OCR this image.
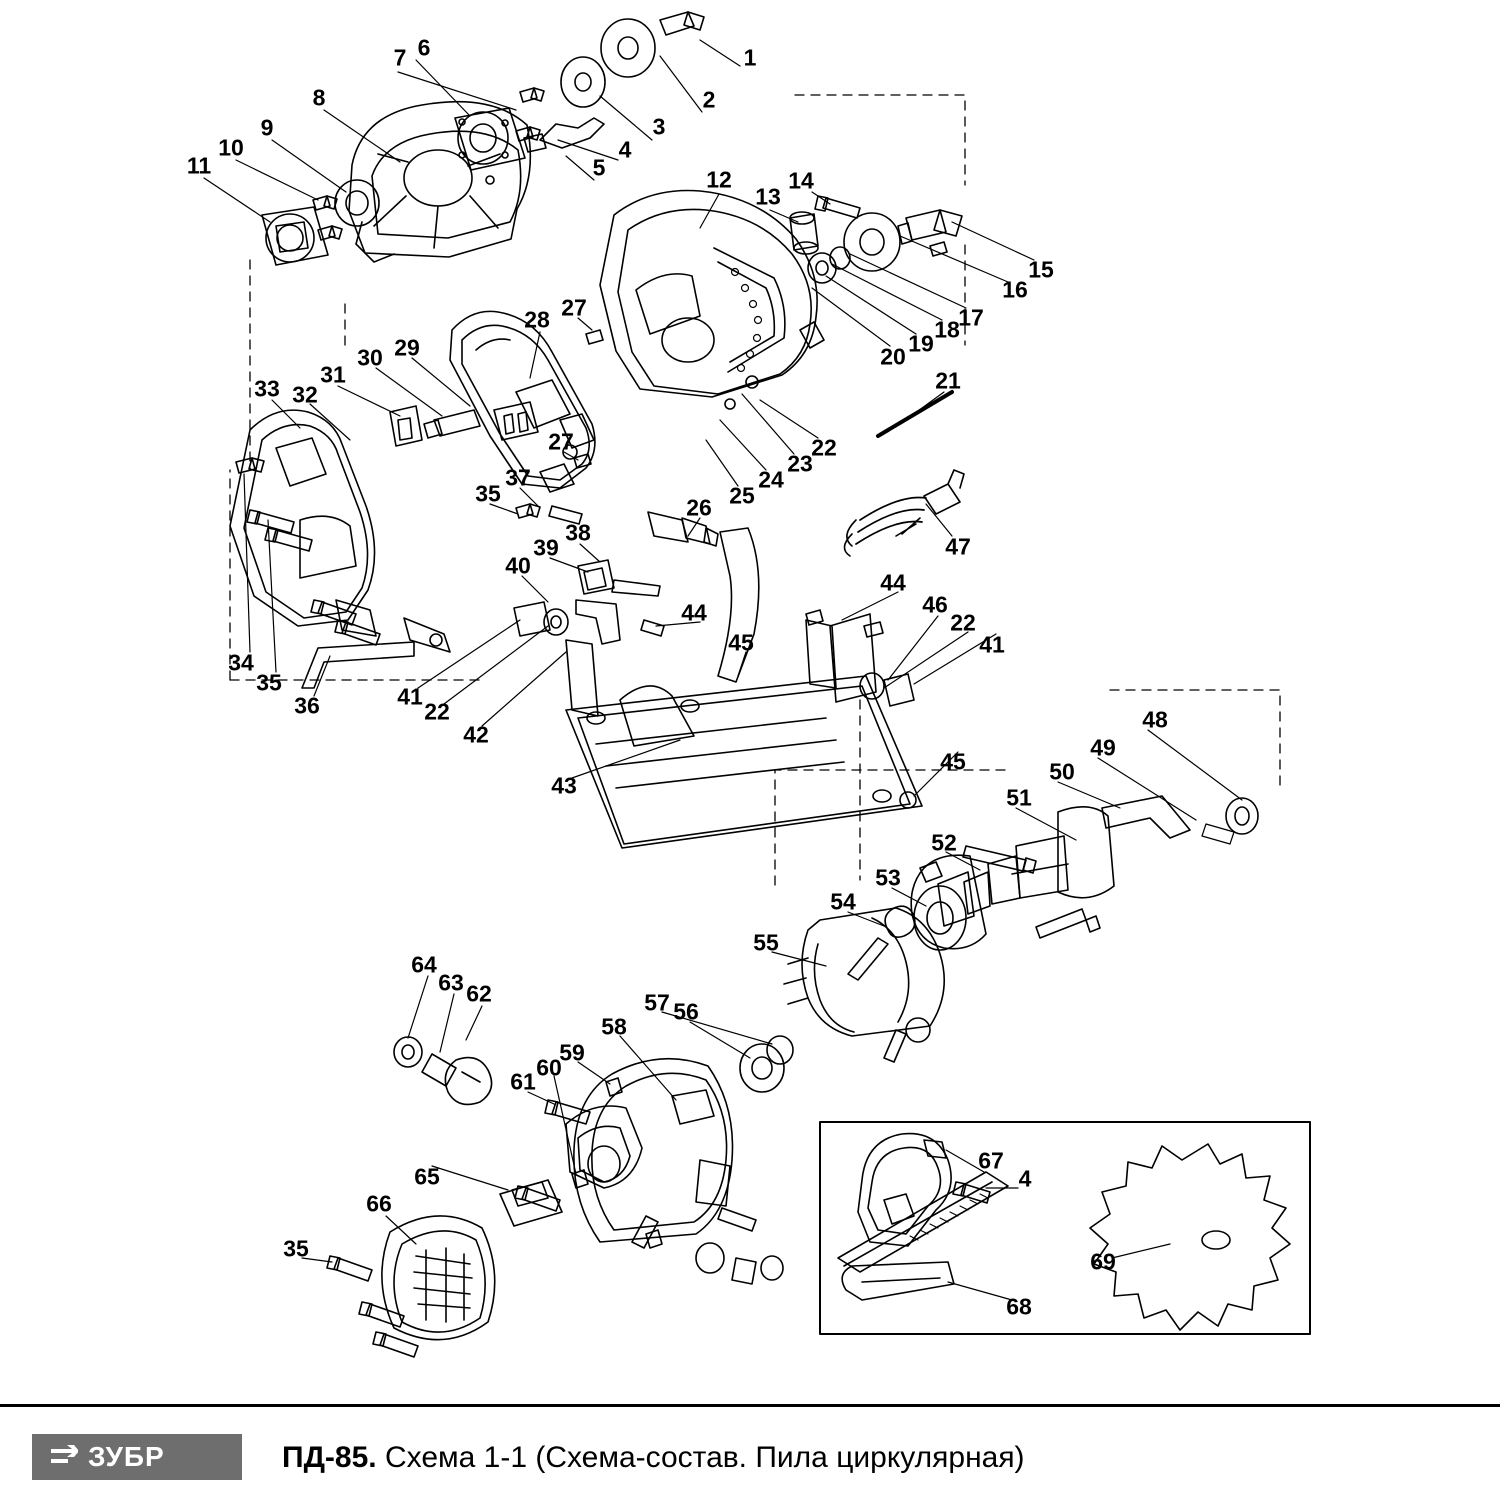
1
2
3
4
5
6
7
8
9
10
11
12
13
14
15
16
17
18
19
20
21
22
23
24
25
26
27
27
28
29
30
31
32
33
34
35
35
36
37
38
39
40
41
41
42
43
44
44
45
45
46
47
48
49
50
51
52
53
54
55
56
57
58
59
60
61
62
63
64
65
66
35
22
22
67
4
68
69
ЗУБР	ПД-85. Схема 1-1 (Схема-состав. Пила циркулярная)
